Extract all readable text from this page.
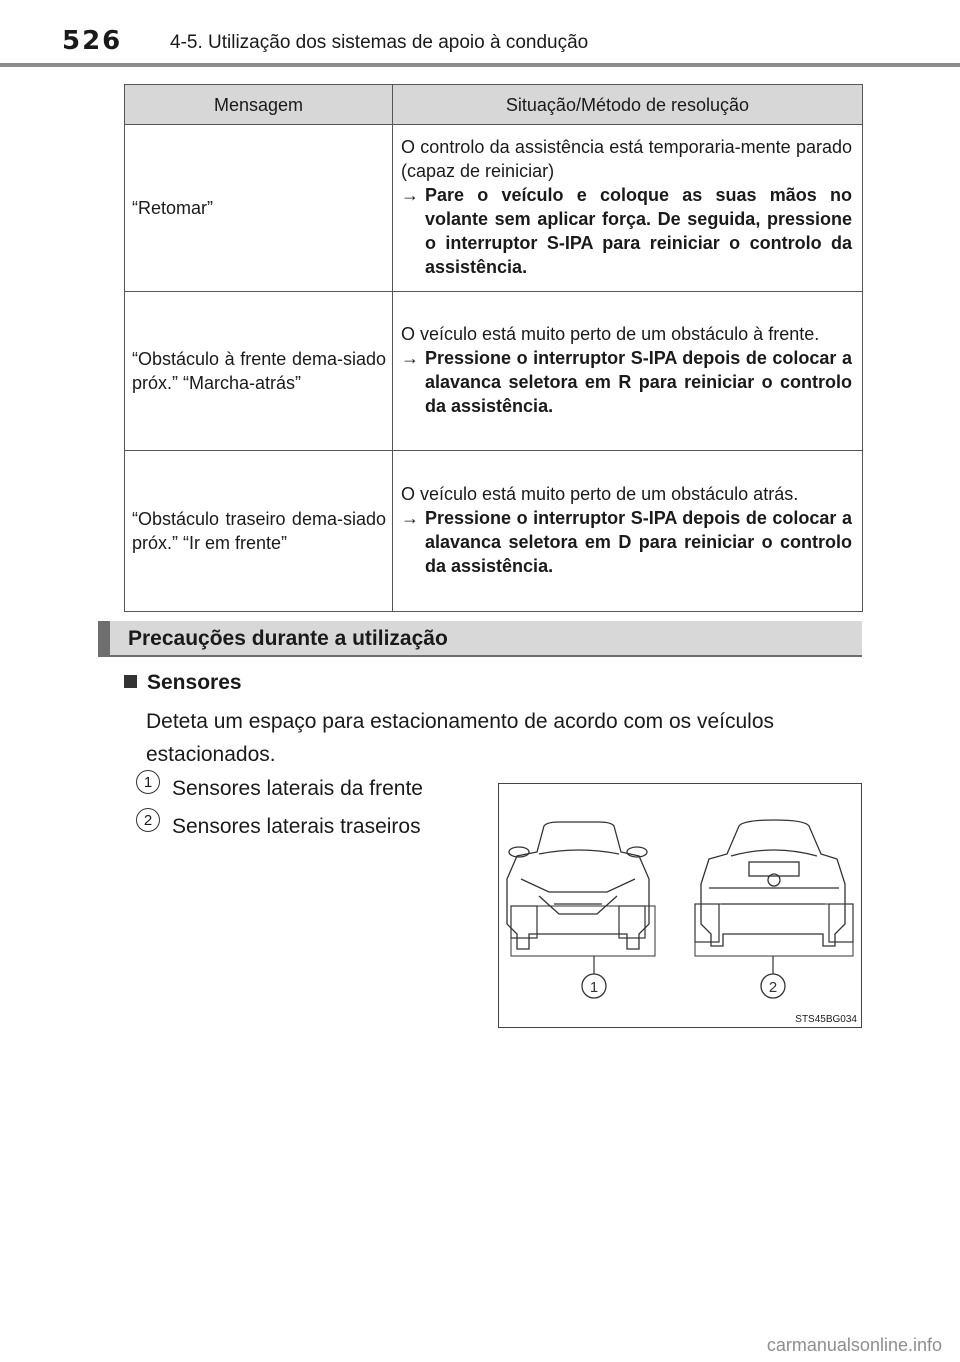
526	4-5. Utilização dos sistemas de apoio à condução
Mensagem	Situação/Método de resolução
“Retomar”	O controlo da assistência está temporaria-mente parado (capaz de reiniciar)
→ Pare o veículo e coloque as suas mãos no volante sem aplicar força. De seguida, pressione o interruptor S-IPA para reiniciar o controlo da assistência.

“Obstáculo à frente dema-siado próx.” “Marcha-atrás”	O veículo está muito perto de um obstáculo à frente.
→ Pressione o interruptor S-IPA depois de colocar a alavanca seletora em R para reiniciar o controlo da assistência.

“Obstáculo traseiro dema-siado próx.” “Ir em frente”	O veículo está muito perto de um obstáculo atrás.
→ Pressione o interruptor S-IPA depois de colocar a alavanca seletora em D para reiniciar o controlo da assistência.
Precauções durante a utilização
Sensores
Deteta um espaço para estacionamento de acordo com os veículos estacionados.
1 Sensores laterais da frente
2 Sensores laterais traseiros
1	2
STS45BG034
carmanualsonline.info
